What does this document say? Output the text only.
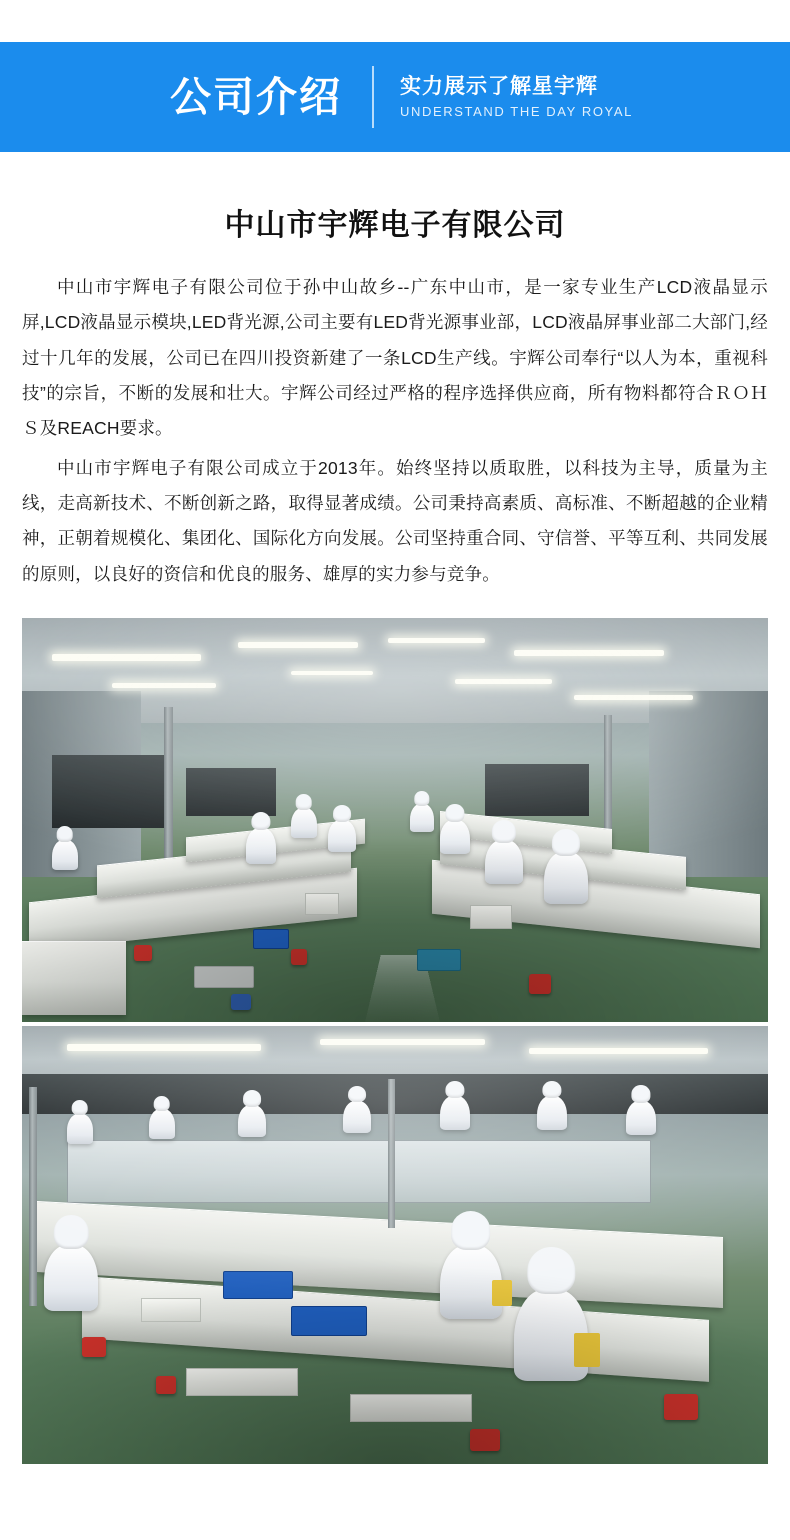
公司介绍	实力展示了解星宇辉
UNDERSTAND THE DAY ROYAL
中山市宇辉电子有限公司

中山市宇辉电子有限公司位于孙中山故乡--广东中山市，是一家专业生产LCD液晶显示屏,LCD液晶显示模块,LED背光源,公司主要有LED背光源事业部，LCD液晶屏事业部二大部门,经过十几年的发展，公司已在四川投资新建了一条LCD生产线。宇辉公司奉行“以人为本，重视科技”的宗旨，不断的发展和壮大。宇辉公司经过严格的程序选择供应商，所有物料都符合ＲＯＨＳ及REACH要求。

中山市宇辉电子有限公司成立于2013年。始终坚持以质取胜，以科技为主导，质量为主线，走高新技术、不断创新之路，取得显著成绩。公司秉持高素质、高标准、不断超越的企业精神，正朝着规模化、集团化、国际化方向发展。公司坚持重合同、守信誉、平等互利、共同发展的原则，以良好的资信和优良的服务、雄厚的实力参与竞争。
